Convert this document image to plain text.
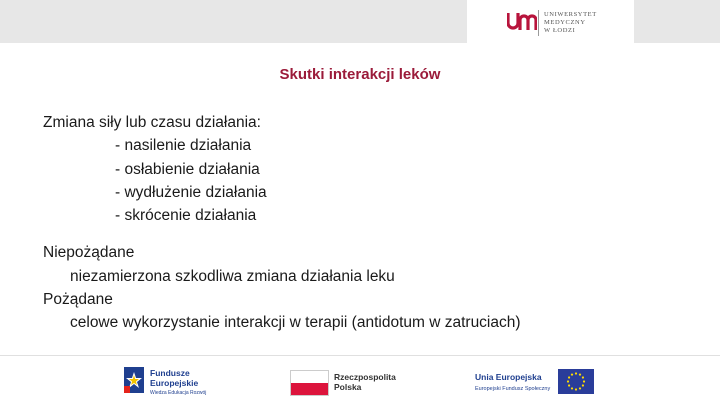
UNIWERSYTET
MEDYCZNY
W ŁODZI
Skutki interakcji leków
Zmiana siły lub czasu działania:
- nasilenie działania
- osłabienie działania
- wydłużenie działania
- skrócenie działania
Niepożądane
niezamierzona szkodliwa zmiana działania leku
Pożądane
celowe wykorzystanie interakcji w terapii (antidotum w zatruciach)
Fundusze
Europejskie
Wiedza Edukacja Rozwój
Rzeczpospolita
Polska
Unia Europejska
Europejski Fundusz Społeczny
